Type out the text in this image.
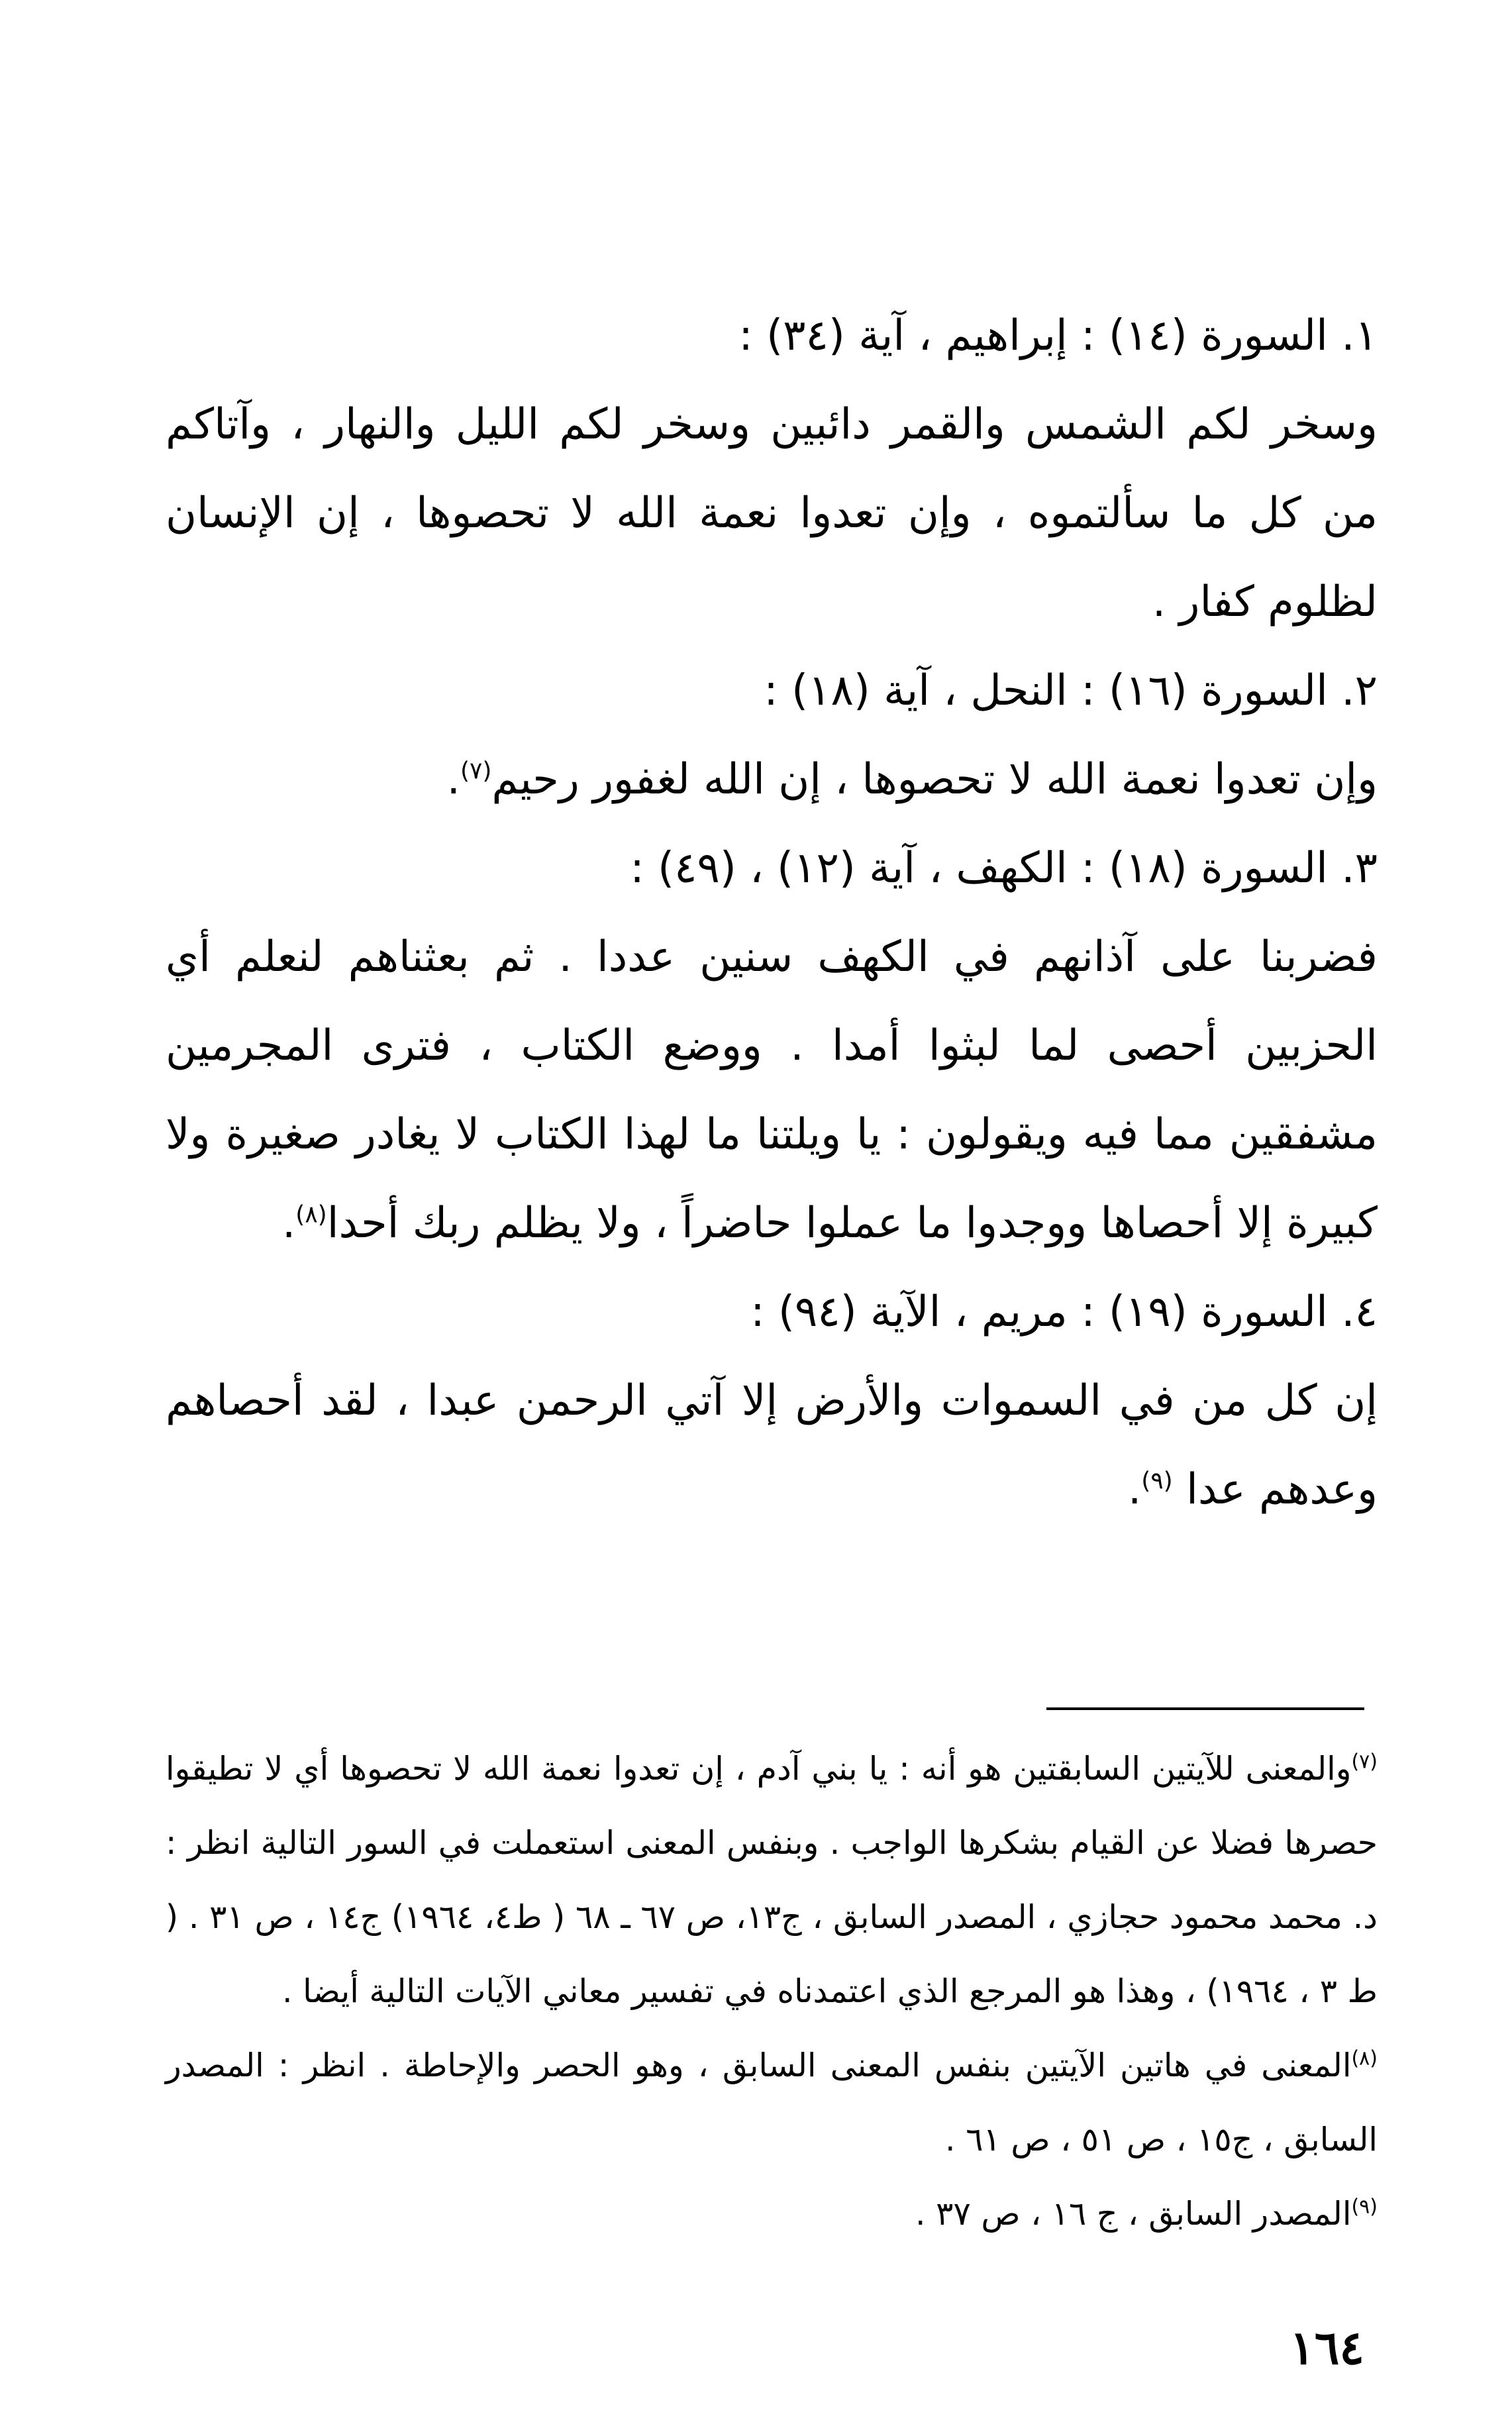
١. السورة (١٤) : إبراهيم ، آية (٣٤) :

وسخر لكم الشمس والقمر دائبين وسخر لكم الليل والنهار ، وآتاكم من كل ما سألتموه ، وإن تعدوا نعمة الله لا تحصوها ، إن الإنسان لظلوم كفار .

٢. السورة (١٦) : النحل ، آية (١٨) :

وإن تعدوا نعمة الله لا تحصوها ، إن الله لغفور رحيم$^{(٧)}$.

٣. السورة (١٨) : الكهف ، آية (١٢) ، (٤٩) :

فضربنا على آذانهم في الكهف سنين عددا . ثم بعثناهم لنعلم أي الحزبين أحصى لما لبثوا أمدا . ووضع الكتاب ، فترى المجرمين مشفقين مما فيه ويقولون : يا ويلتنا ما لهذا الكتاب لا يغادر صغيرة ولا كبيرة إلا أحصاها ووجدوا ما عملوا حاضراً ، ولا يظلم ربك أحدا$^{(٨)}$.

٤. السورة (١٩) : مريم ، الآية (٩٤) :

إن كل من في السموات والأرض إلا آتي الرحمن عبدا ، لقد أحصاهم وعدهم عدا $^{(٩)}$.

$^{(٧)}$والمعنى للآيتين السابقتين هو أنه : يا بني آدم ، إن تعدوا نعمة الله لا تحصوها أي لا تطيقوا حصرها فضلا عن القيام بشكرها الواجب . وبنفس المعنى استعملت في السور التالية انظر : د. محمد محمود حجازي ، المصدر السابق ، ج١٣، ص ٦٧ ـ ٦٨ ( ط٤، ١٩٦٤) ج١٤ ، ص ٣١ . ( ط ٣ ، ١٩٦٤) ، وهذا هو المرجع الذي اعتمدناه في تفسير معاني الآيات التالية أيضا .

$^{(٨)}$المعنى في هاتين الآيتين بنفس المعنى السابق ، وهو الحصر والإحاطة . انظر : المصدر السابق ، ج١٥ ، ص ٥١ ، ص ٦١ .

$^{(٩)}$المصدر السابق ، ج ١٦ ، ص ٣٧ .

١٦٤
